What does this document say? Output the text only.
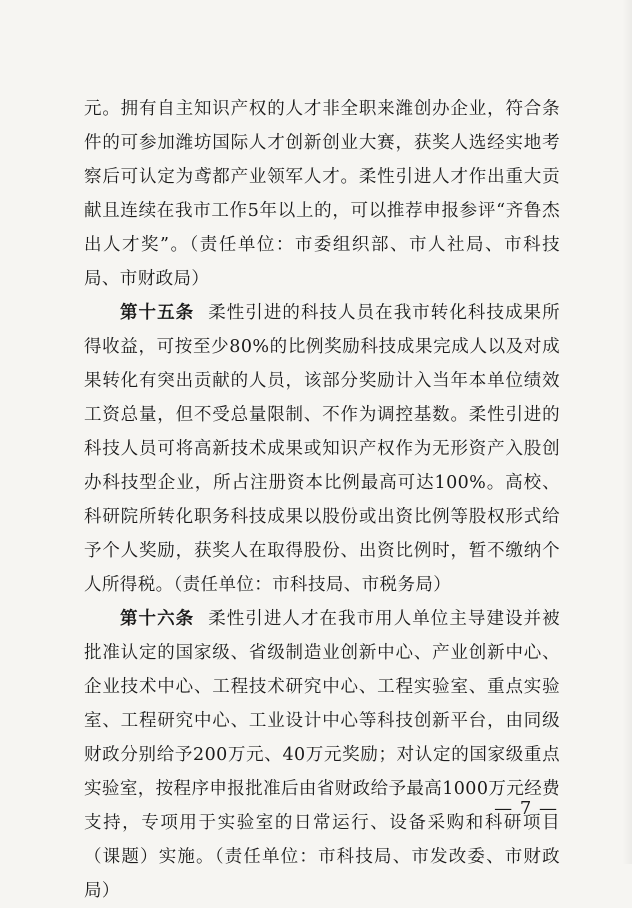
元。拥有自主知识产权的人才非全职来潍创办企业，符合条件的可参加潍坊国际人才创新创业大赛，获奖人选经实地考察后可认定为鸢都产业领军人才。柔性引进人才作出重大贡献且连续在我市工作5年以上的，可以推荐申报参评“齐鲁杰出人才奖”。（责任单位：市委组织部、市人社局、市科技局、市财政局）

第十五条 柔性引进的科技人员在我市转化科技成果所得收益，可按至少80%的比例奖励科技成果完成人以及对成果转化有突出贡献的人员，该部分奖励计入当年本单位绩效工资总量，但不受总量限制、不作为调控基数。柔性引进的科技人员可将高新技术成果或知识产权作为无形资产入股创办科技型企业，所占注册资本比例最高可达100%。高校、科研院所转化职务科技成果以股份或出资比例等股权形式给予个人奖励，获奖人在取得股份、出资比例时，暂不缴纳个人所得税。（责任单位：市科技局、市税务局）

第十六条 柔性引进人才在我市用人单位主导建设并被批准认定的国家级、省级制造业创新中心、产业创新中心、企业技术中心、工程技术研究中心、工程实验室、重点实验室、工程研究中心、工业设计中心等科技创新平台，由同级财政分别给予200万元、40万元奖励；对认定的国家级重点实验室，按程序申报批准后由省财政给予最高1000万元经费支持，专项用于实验室的日常运行、设备采购和科研项目（课题）实施。（责任单位：市科技局、市发改委、市财政局）

— 7 —
